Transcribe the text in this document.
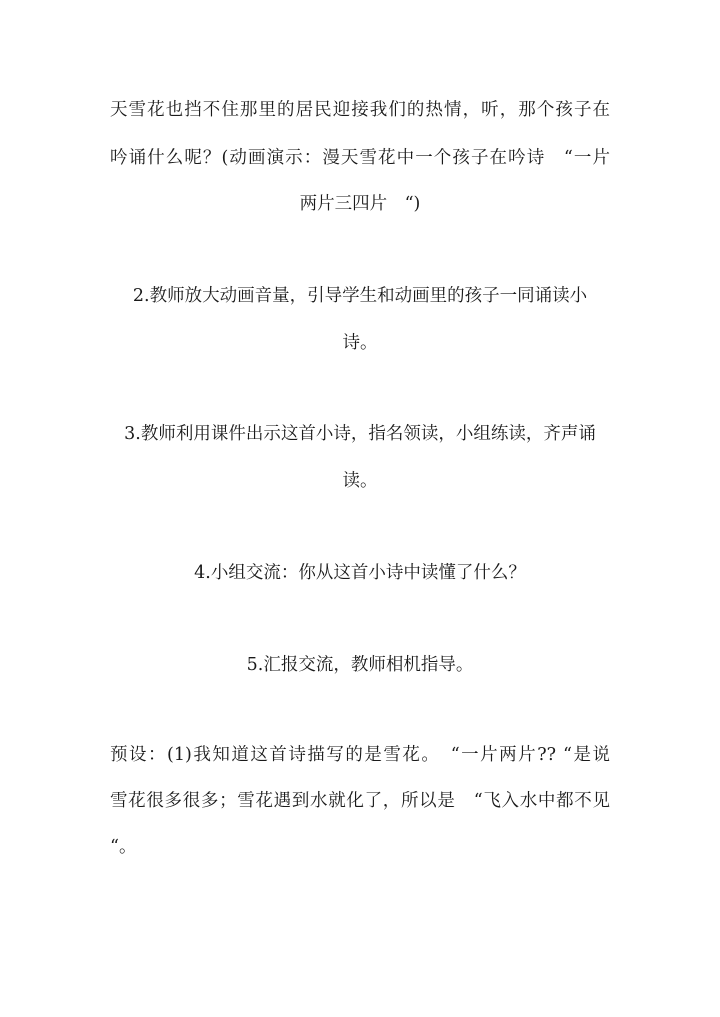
天雪花也挡不住那里的居民迎接我们的热情，听，那个孩子在
吟诵什么呢？(动画演示：漫天雪花中一个孩子在吟诗　“一片
两片三四片　“)
2.教师放大动画音量，引导学生和动画里的孩子一同诵读小
诗。
3.教师利用课件出示这首小诗，指名领读，小组练读，齐声诵
读。
4.小组交流：你从这首小诗中读懂了什么？
5.汇报交流，教师相机指导。
预设：(1)我知道这首诗描写的是雪花。　“一片两片?? “是说
雪花很多很多；雪花遇到水就化了，所以是　“飞入水中都不见
“。
